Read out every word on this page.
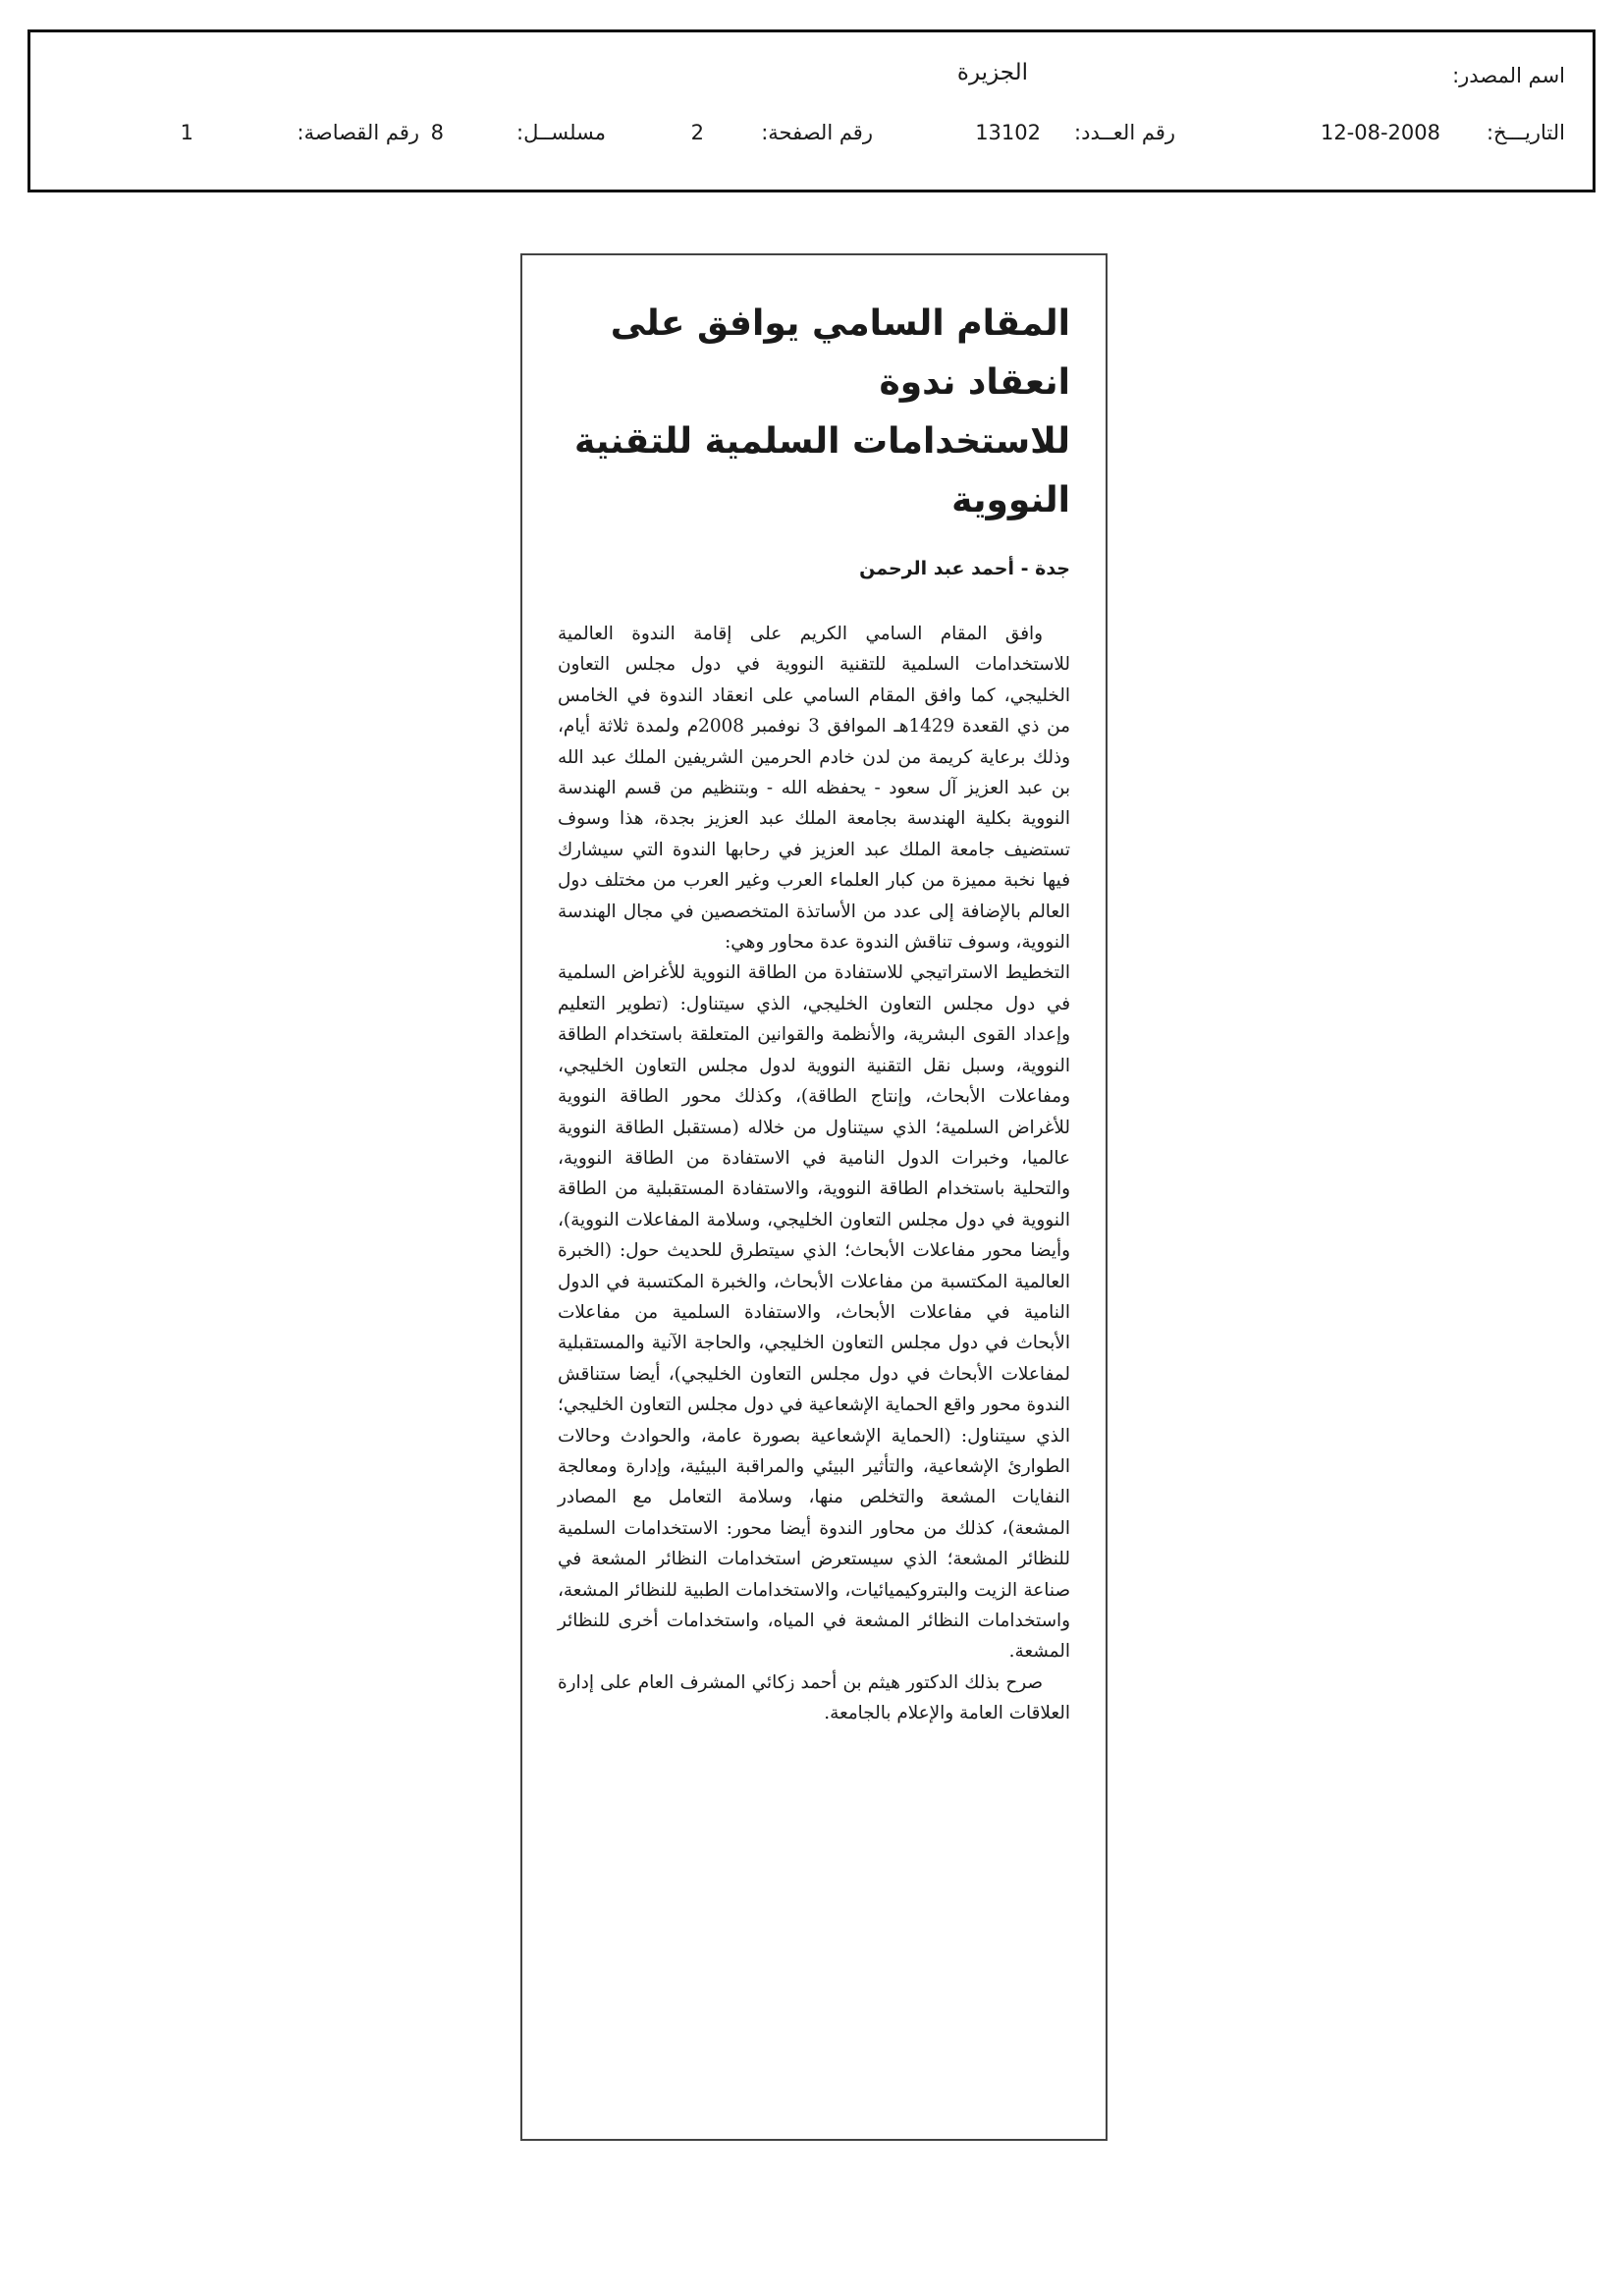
اسم المصدر:
الجزيرة
التاريـــخ:
12-08-2008
رقم العــدد:
13102
رقم الصفحة:
2
مسلســل:
8
رقم القصاصة:
1
المقام السامي يوافق على انعقاد ندوة
للاستخدامات السلمية للتقنية النووية
جدة - أحمد عبد الرحمن

وافق المقام السامي الكريم على إقامة الندوة العالمية للاستخدامات السلمية للتقنية النووية في دول مجلس التعاون الخليجي، كما وافق المقام السامي على انعقاد الندوة في الخامس من ذي القعدة 1429هـ الموافق 3 نوفمبر 2008م ولمدة ثلاثة أيام، وذلك برعاية كريمة من لدن خادم الحرمين الشريفين الملك عبد الله بن عبد العزيز آل سعود - يحفظه الله - وبتنظيم من قسم الهندسة النووية بكلية الهندسة بجامعة الملك عبد العزيز بجدة، هذا وسوف تستضيف جامعة الملك عبد العزيز في رحابها الندوة التي سيشارك فيها نخبة مميزة من كبار العلماء العرب وغير العرب من مختلف دول العالم بالإضافة إلى عدد من الأساتذة المتخصصين في مجال الهندسة النووية، وسوف تناقش الندوة عدة محاور وهي:

التخطيط الاستراتيجي للاستفادة من الطاقة النووية للأغراض السلمية في دول مجلس التعاون الخليجي، الذي سيتناول: (تطوير التعليم وإعداد القوى البشرية، والأنظمة والقوانين المتعلقة باستخدام الطاقة النووية، وسبل نقل التقنية النووية لدول مجلس التعاون الخليجي، ومفاعلات الأبحاث، وإنتاج الطاقة)، وكذلك محور الطاقة النووية للأغراض السلمية؛ الذي سيتناول من خلاله (مستقبل الطاقة النووية عالميا، وخبرات الدول النامية في الاستفادة من الطاقة النووية، والتحلية باستخدام الطاقة النووية، والاستفادة المستقبلية من الطاقة النووية في دول مجلس التعاون الخليجي، وسلامة المفاعلات النووية)، وأيضا محور مفاعلات الأبحاث؛ الذي سيتطرق للحديث حول: (الخبرة العالمية المكتسبة من مفاعلات الأبحاث، والخبرة المكتسبة في الدول النامية في مفاعلات الأبحاث، والاستفادة السلمية من مفاعلات الأبحاث في دول مجلس التعاون الخليجي، والحاجة الآنية والمستقبلية لمفاعلات الأبحاث في دول مجلس التعاون الخليجي)، أيضا ستناقش الندوة محور واقع الحماية الإشعاعية في دول مجلس التعاون الخليجي؛ الذي سيتناول: (الحماية الإشعاعية بصورة عامة، والحوادث وحالات الطوارئ الإشعاعية، والتأثير البيئي والمراقبة البيئية، وإدارة ومعالجة النفايات المشعة والتخلص منها، وسلامة التعامل مع المصادر المشعة)، كذلك من محاور الندوة أيضا محور: الاستخدامات السلمية للنظائر المشعة؛ الذي سيستعرض استخدامات النظائر المشعة في صناعة الزيت والبتروكيميائيات، والاستخدامات الطبية للنظائر المشعة، واستخدامات النظائر المشعة في المياه، واستخدامات أخرى للنظائر المشعة.

صرح بذلك الدكتور هيثم بن أحمد زكائي المشرف العام على إدارة العلاقات العامة والإعلام بالجامعة.
